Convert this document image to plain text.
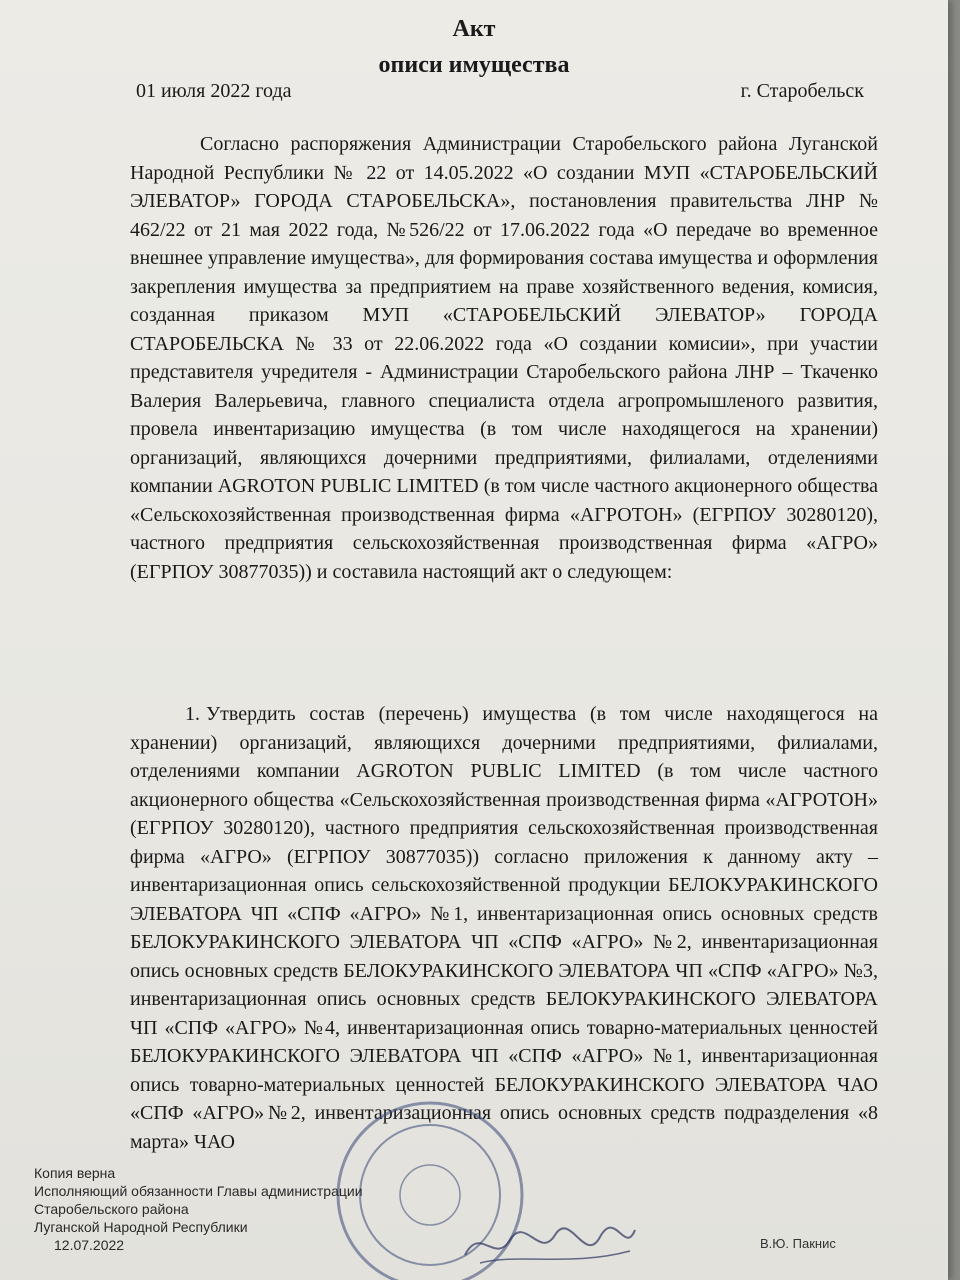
Акт
описи имущества
01 июля 2022 года	г. Старобельск

Согласно распоряжения Администрации Старобельского района Луганской Народной Республики № 22 от 14.05.2022 «О создании МУП «СТАРОБЕЛЬСКИЙ ЭЛЕВАТОР» ГОРОДА СТАРОБЕЛЬСКА», постановления правительства ЛНР № 462/22 от 21 мая 2022 года, №526/22 от 17.06.2022 года «О передаче во временное внешнее управление имущества», для формирования состава имущества и оформления закрепления имущества за предприятием на праве хозяйственного ведения, комисия, созданная приказом МУП «СТАРОБЕЛЬСКИЙ ЭЛЕВАТОР» ГОРОДА СТАРОБЕЛЬСКА № 33 от 22.06.2022 года «О создании комисии», при участии представителя учредителя - Администрации Старобельского района ЛНР – Ткаченко Валерия Валерьевича, главного специалиста отдела агропромышленого развития, провела инвентаризацию имущества (в том числе находящегося на хранении) организаций, являющихся дочерними предприятиями, филиалами, отделениями компании AGROTON PUBLIC LIMITED (в том числе частного акционерного общества «Сельскохозяйственная производственная фирма «АГРОТОН» (ЕГРПОУ 30280120), частного предприятия сельскохозяйственная производственная фирма «АГРО» (ЕГРПОУ 30877035)) и составила настоящий акт о следующем:

1. Утвердить состав (перечень) имущества (в том числе находящегося на хранении) организаций, являющихся дочерними предприятиями, филиалами, отделениями компании AGROTON PUBLIC LIMITED (в том числе частного акционерного общества «Сельскохозяйственная производственная фирма «АГРОТОН» (ЕГРПОУ 30280120), частного предприятия сельскохозяйственная производственная фирма «АГРО» (ЕГРПОУ 30877035)) согласно приложения к данному акту – инвентаризационная опись сельскохозяйственной продукции БЕЛОКУРАКИНСКОГО ЭЛЕВАТОРА ЧП «СПФ «АГРО» №1, инвентаризационная опись основных средств БЕЛОКУРАКИНСКОГО ЭЛЕВАТОРА ЧП «СПФ «АГРО» №2, инвентаризационная опись основных средств БЕЛОКУРАКИНСКОГО ЭЛЕВАТОРА ЧП «СПФ «АГРО» №3, инвентаризационная опись основных средств БЕЛОКУРАКИНСКОГО ЭЛЕВАТОРА ЧП «СПФ «АГРО» №4, инвентаризационная опись товарно-материальных ценностей БЕЛОКУРАКИНСКОГО ЭЛЕВАТОРА ЧП «СПФ «АГРО» №1, инвентаризационная опись товарно-материальных ценностей БЕЛОКУРАКИНСКОГО ЭЛЕВАТОРА ЧАО «СПФ «АГРО»№2, инвентаризационная опись основных средств подразделения «8 марта» ЧАО

Копия верна
Исполняющий обязанности Главы администрации
Старобельского района
Луганской Народной Республики
12.07.2022	В.Ю. Пакнис
